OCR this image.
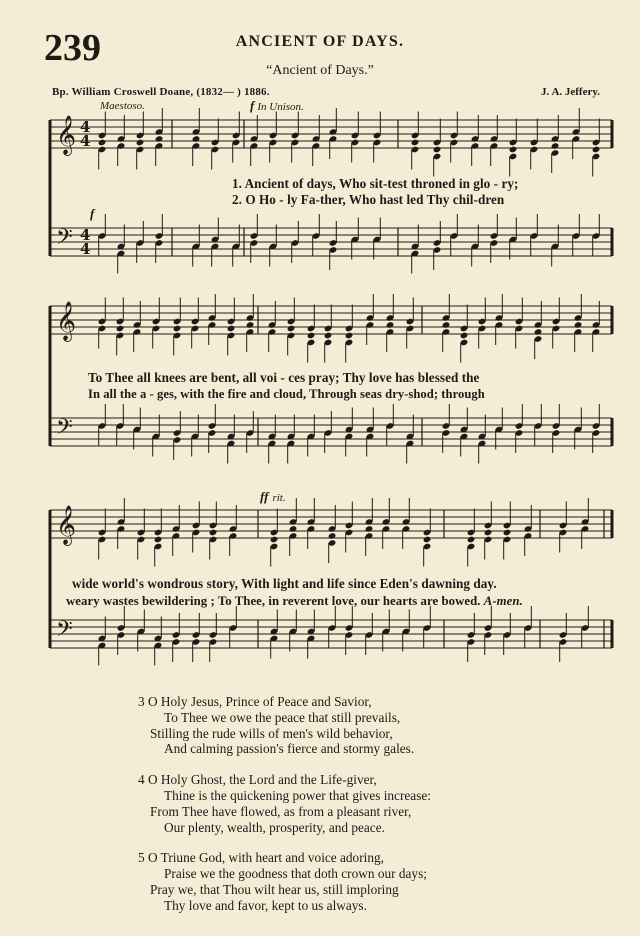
239	ANCIENT OF DAYS.
“Ancient of Days.”
Bp. William Croswell Doane, (1832— ) 1886.	J. A. Jeffery.
Maestoso.	f In Unison.
f
ff rit.
1. Ancient of days, Who sit-test throned in glo - ry;
2. O Ho - ly Fa-ther, Who hast led Thy chil-dren
To Thee all knees are bent, all voi - ces pray; Thy love has blessed the
In all the a - ges, with the fire and cloud, Through seas dry-shod; through
wide world's wondrous story, With light and life since Eden's dawning day.
weary wastes bewildering ; To Thee, in reverent love, our hearts are bowed. A-men.
𝄞
𝄢
4
4
4
4
𝄞
𝄢
𝄞
𝄢
3 O Holy Jesus, Prince of Peace and Savior,
To Thee we owe the peace that still prevails,
Stilling the rude wills of men's wild behavior,
And calming passion's fierce and stormy gales.
4 O Holy Ghost, the Lord and the Life-giver,
Thine is the quickening power that gives increase:
From Thee have flowed, as from a pleasant river,
Our plenty, wealth, prosperity, and peace.
5 O Triune God, with heart and voice adoring,
Praise we the goodness that doth crown our days;
Pray we, that Thou wilt hear us, still imploring
Thy love and favor, kept to us always.
